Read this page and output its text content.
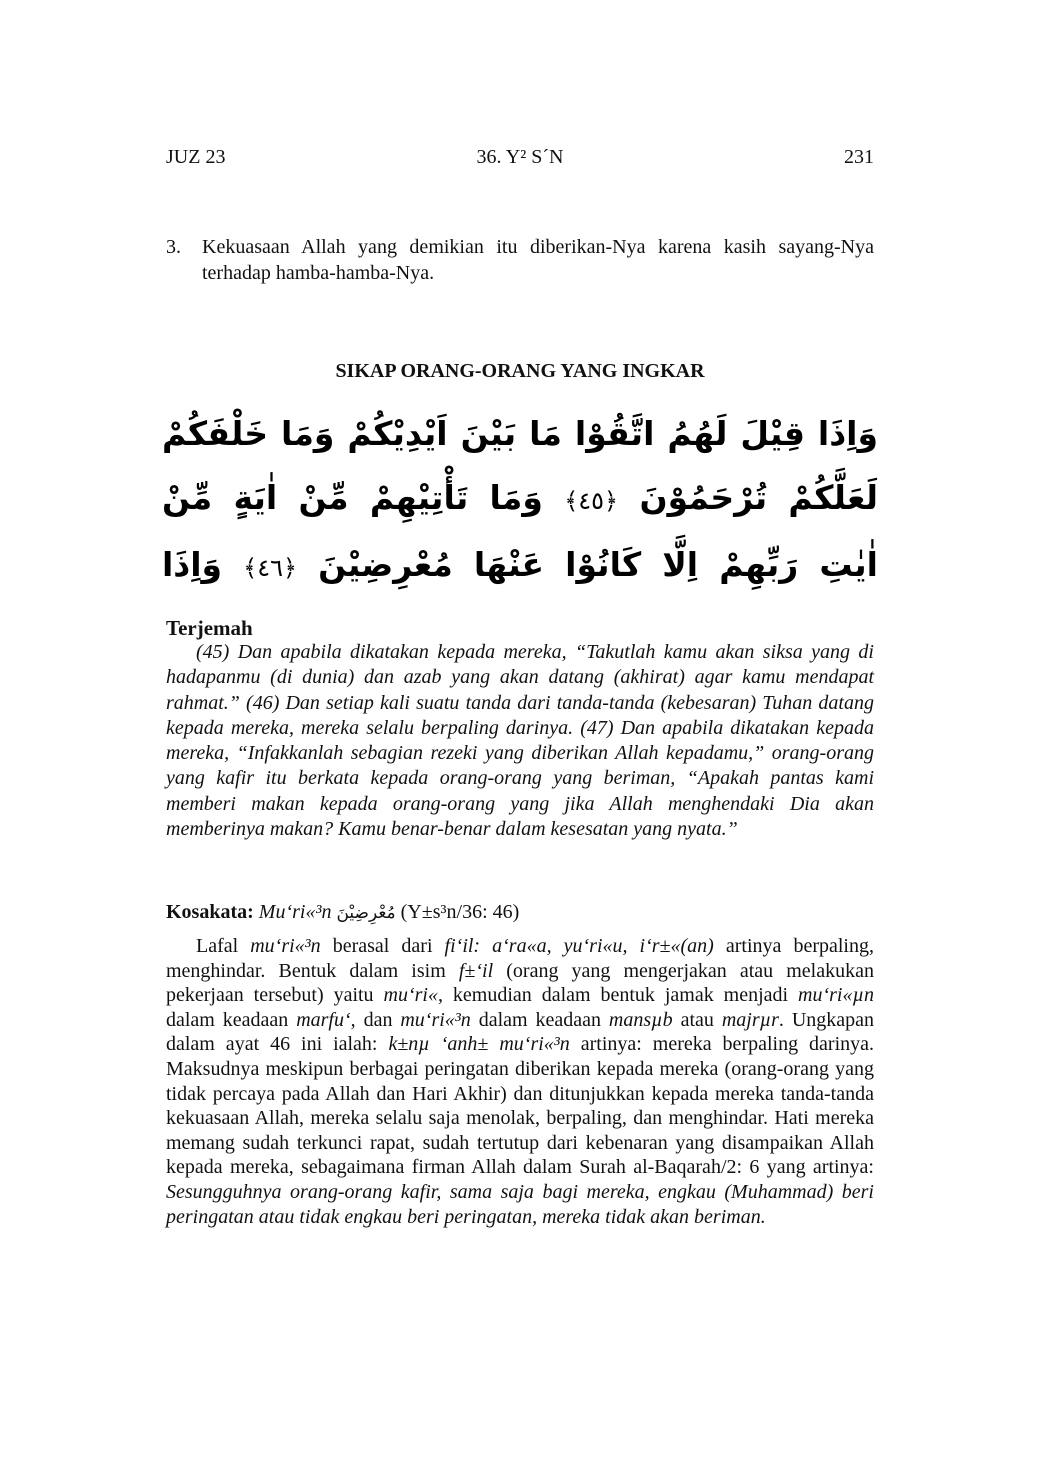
JUZ 23	36. Y² S´N	231
3. Kekuasaan Allah yang demikian itu diberikan-Nya karena kasih sayang-Nya terhadap hamba-hamba-Nya.
SIKAP ORANG-ORANG YANG INGKAR
وَاِذَا قِيْلَ لَهُمُ اتَّقُوْا مَا بَيْنَ اَيْدِيْكُمْ وَمَا خَلْفَكُمْ لَعَلَّكُمْ تُرْحَمُوْنَ ﴿٤٥﴾ وَمَا تَأْتِيْهِمْ مِّنْ اٰيَةٍ مِّنْ اٰيٰتِ رَبِّهِمْ اِلَّا كَانُوْا عَنْهَا مُعْرِضِيْنَ ﴿٤٦﴾ وَاِذَا
Terjemah

(45) Dan apabila dikatakan kepada mereka, “Takutlah kamu akan siksa yang di hadapanmu (di dunia) dan azab yang akan datang (akhirat) agar kamu mendapat rahmat.” (46) Dan setiap kali suatu tanda dari tanda-tanda (kebesaran) Tuhan datang kepada mereka, mereka selalu berpaling darinya. (47) Dan apabila dikatakan kepada mereka, “Infakkanlah sebagian rezeki yang diberikan Allah kepadamu,” orang-orang yang kafir itu berkata kepada orang-orang yang beriman, “Apakah pantas kami memberi makan kepada orang-orang yang jika Allah menghendaki Dia akan memberinya makan? Kamu benar-benar dalam kesesatan yang nyata.”

Kosakata: Mu‘ri«³n مُعْرِضِيْنَ (Y±s³n/36: 46)

Lafal mu‘ri«³n berasal dari fi‘il: a‘ra«a, yu‘ri«u, i‘r±«(an) artinya berpaling, menghindar. Bentuk dalam isim f±‘il (orang yang mengerjakan atau melakukan pekerjaan tersebut) yaitu mu‘ri«, kemudian dalam bentuk jamak menjadi mu‘ri«µn dalam keadaan marfu‘, dan mu‘ri«³n dalam keadaan mansµb atau majrµr. Ungkapan dalam ayat 46 ini ialah: k±nµ ‘anh± mu‘ri«³n artinya: mereka berpaling darinya. Maksudnya meskipun berbagai peringatan diberikan kepada mereka (orang-orang yang tidak percaya pada Allah dan Hari Akhir) dan ditunjukkan kepada mereka tanda-tanda kekuasaan Allah, mereka selalu saja menolak, berpaling, dan menghindar. Hati mereka memang sudah terkunci rapat, sudah tertutup dari kebenaran yang disampaikan Allah kepada mereka, sebagaimana firman Allah dalam Surah al-Baqarah/2: 6 yang artinya: Sesungguhnya orang-orang kafir, sama saja bagi mereka, engkau (Muhammad) beri peringatan atau tidak engkau beri peringatan, mereka tidak akan beriman.
